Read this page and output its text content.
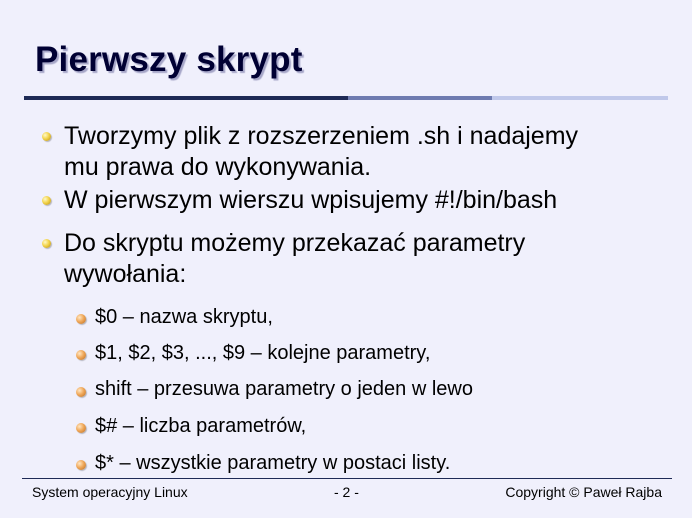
Pierwszy skrypt
Tworzymy plik z rozszerzeniem .sh i nadajemy
mu prawa do wykonywania.
W pierwszym wierszu wpisujemy #!/bin/bash
Do skryptu możemy przekazać parametry
wywołania:
$0 – nazwa skryptu,
$1, $2, $3, ..., $9 – kolejne parametry,
shift – przesuwa parametry o jeden w lewo
$# – liczba parametrów,
$* – wszystkie parametry w postaci listy.
System operacyjny Linux	- 2 -	Copyright © Paweł Rajba
